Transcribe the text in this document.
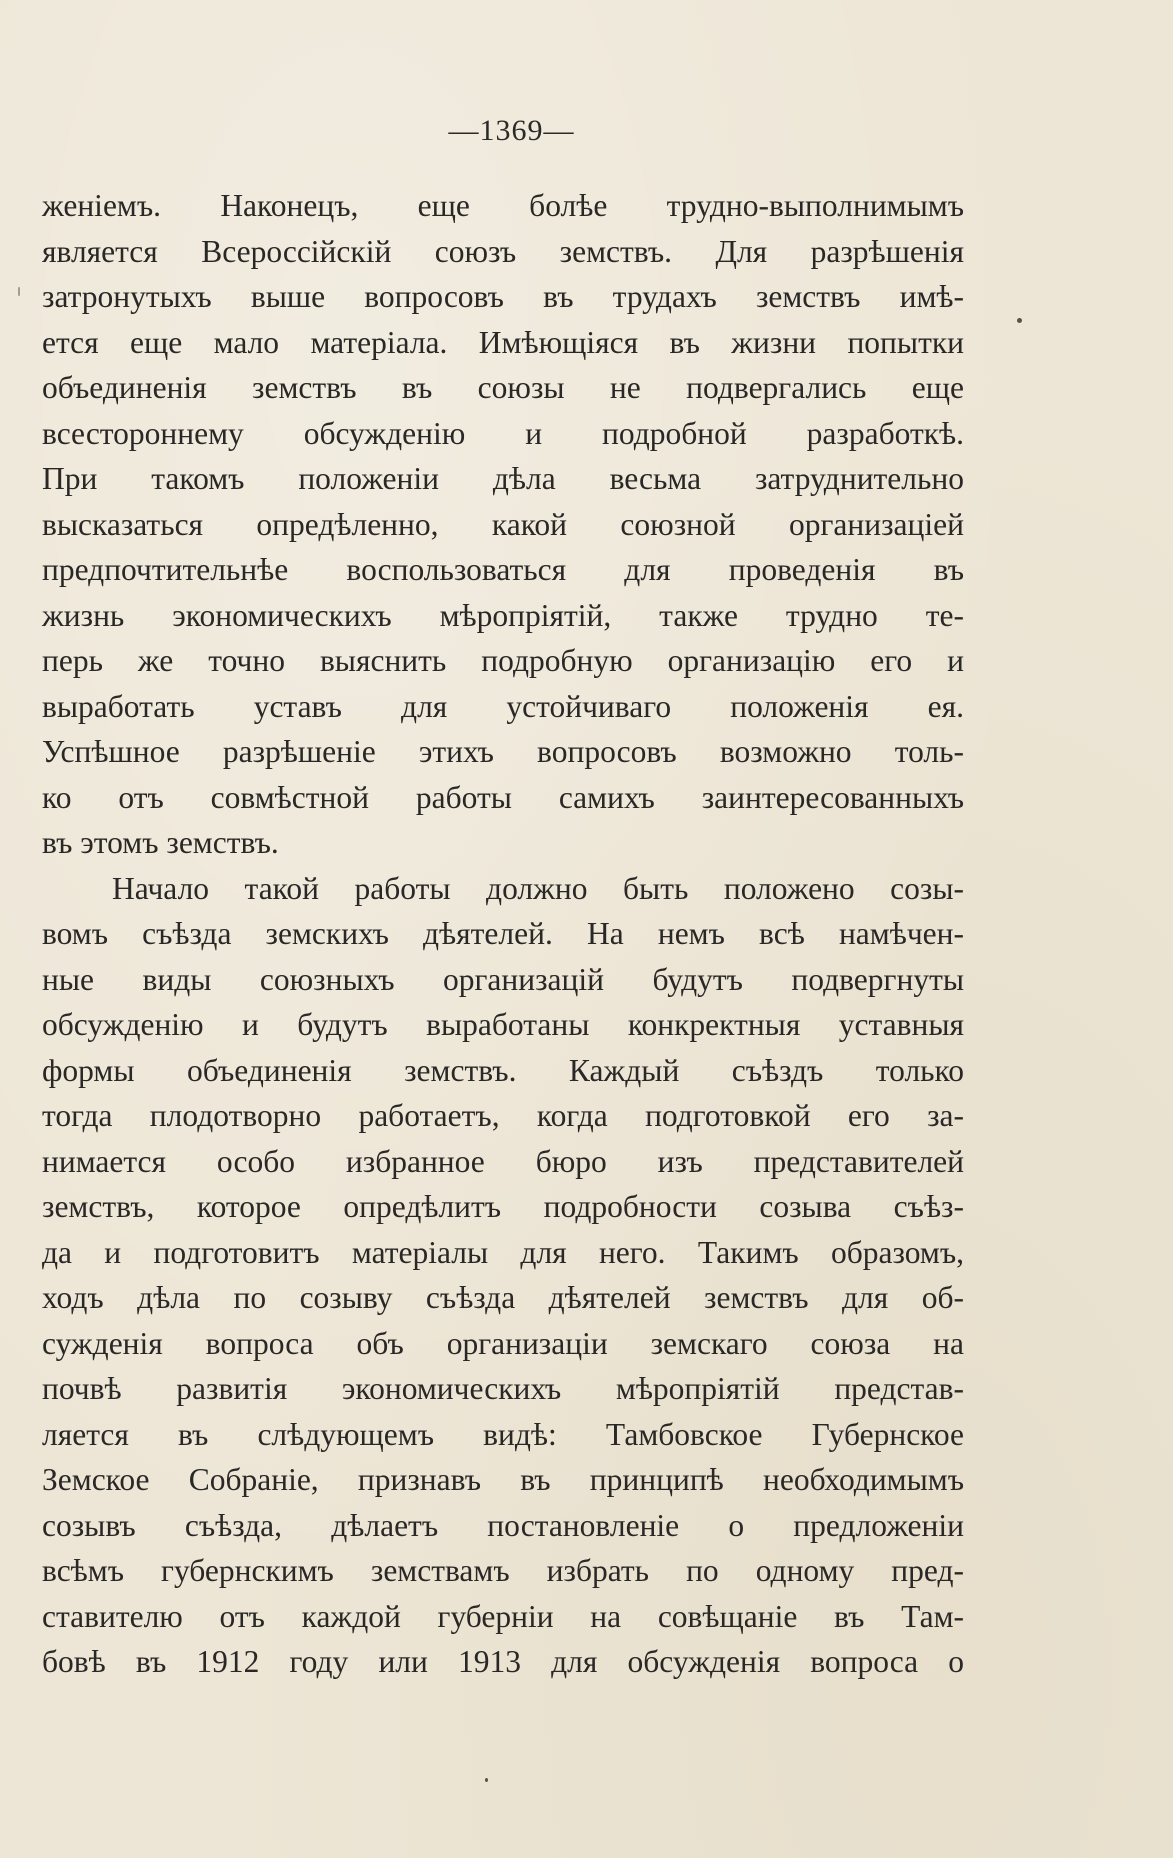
—1369—
женіемъ. Наконецъ, еще болѣе трудно-выполнимымъ
является Всероссійскій союзъ земствъ. Для разрѣшенія
затронутыхъ выше вопросовъ въ трудахъ земствъ имѣ-
ется еще мало матеріала. Имѣющіяся въ жизни попытки
объединенія земствъ въ союзы не подвергались еще
всестороннему обсужденію и подробной разработкѣ.
При такомъ положеніи дѣла весьма затруднительно
высказаться опредѣленно, какой союзной организаціей
предпочтительнѣе воспользоваться для проведенія въ
жизнь экономическихъ мѣропріятій, также трудно те-
перь же точно выяснить подробную организацію его и
выработать уставъ для устойчиваго положенія ея.
Успѣшное разрѣшеніе этихъ вопросовъ возможно толь-
ко отъ совмѣстной работы самихъ заинтересованныхъ
въ этомъ земствъ.
Начало такой работы должно быть положено созы-
вомъ съѣзда земскихъ дѣятелей. На немъ всѣ намѣчен-
ные виды союзныхъ организацій будутъ подвергнуты
обсужденію и будутъ выработаны конкректныя уставныя
формы объединенія земствъ. Каждый съѣздъ только
тогда плодотворно работаетъ, когда подготовкой его за-
нимается особо избранное бюро изъ представителей
земствъ, которое опредѣлитъ подробности созыва съѣз-
да и подготовитъ матеріалы для него. Такимъ образомъ,
ходъ дѣла по созыву съѣзда дѣятелей земствъ для об-
сужденія вопроса объ организаціи земскаго союза на
почвѣ развитія экономическихъ мѣропріятій представ-
ляется въ слѣдующемъ видѣ: Тамбовское Губернское
Земское Собраніе, признавъ въ принципѣ необходимымъ
созывъ съѣзда, дѣлаетъ постановленіе о предложеніи
всѣмъ губернскимъ земствамъ избрать по одному пред-
ставителю отъ каждой губерніи на совѣщаніе въ Там-
бовѣ въ 1912 году или 1913 для обсужденія вопроса о
